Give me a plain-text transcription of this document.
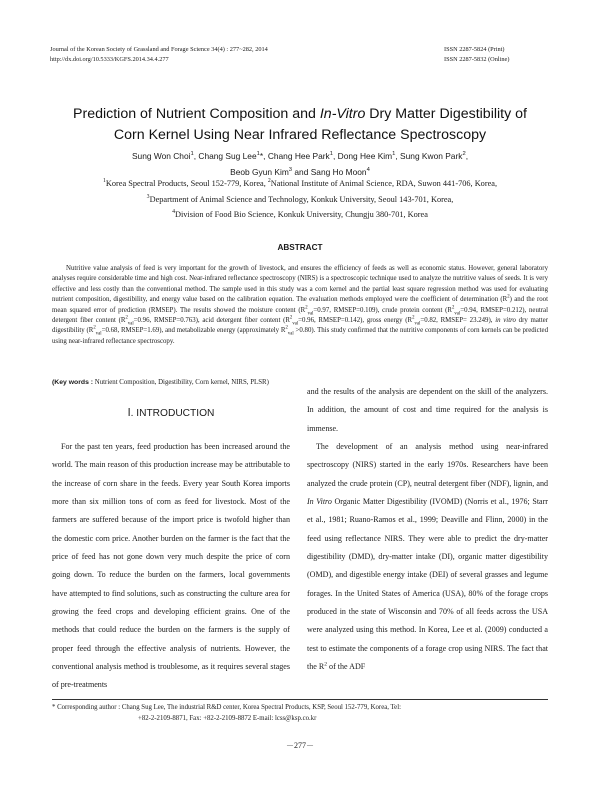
Journal of the Korean Society of Grassland and Forage Science 34(4) : 277~282, 2014
http://dx.doi.org/10.5333/KGFS.2014.34.4.277
ISSN 2287-5824 (Print)
ISSN 2287-5832 (Online)
Prediction of Nutrient Composition and In-Vitro Dry Matter Digestibility of
Corn Kernel Using Near Infrared Reflectance Spectroscopy
Sung Won Choi$^1$, Chang Sug Lee$^1$*, Chang Hee Park$^1$, Dong Hee Kim$^1$, Sung Kwon Park$^2$,
Beob Gyun Kim$^3$ and Sang Ho Moon$^4$
$^1$Korea Spectral Products, Seoul 152-779, Korea, $^2$National Institute of Animal Science, RDA, Suwon 441-706, Korea,
$^3$Department of Animal Science and Technology, Konkuk University, Seoul 143-701, Korea,
$^4$Division of Food Bio Science, Konkuk University, Chungju 380-701, Korea
ABSTRACT

Nutritive value analysis of feed is very important for the growth of livestock, and ensures the efficiency of feeds as well as economic status. However, general laboratory analyses require considerable time and high cost. Near-infrared reflectance spectroscopy (NIRS) is a spectroscopic technique used to analyze the nutritive values of seeds. It is very effective and less costly than the conventional method. The sample used in this study was a corn kernel and the partial least square regression method was used for evaluating nutrient composition, digestibility, and energy value based on the calibration equation. The evaluation methods employed were the coefficient of determination $(R^2)$ and the root mean squared error of prediction (RMSEP). The results showed the moisture content ($R^2_{val}=0.97$, RMSEP=0.109), crude protein content ($R^2_{val}=0.94$, RMSEP=0.212), neutral detergent fiber content ($R^2_{val}=0.96$, RMSEP=0.763), acid detergent fiber content ($R^2_{val}=0.96$, RMSEP=0.142), gross energy ($R^2_{val}=0.82$, RMSEP= 23.249), in vitro dry matter digestibility ($R^2_{val}=0.68$, RMSEP=1.69), and metabolizable energy (approximately $R^2_{val} >0.80$). This study confirmed that the nutritive components of corn kernels can be predicted using near-infrared reflectance spectroscopy.

(Key words : Nutrient Composition, Digestibility, Corn kernel, NIRS, PLSR)

Ⅰ. INTRODUCTION

For the past ten years, feed production has been increased around the world. The main reason of this production increase may be attributable to the increase of corn share in the feeds. Every year South Korea imports more than six million tons of corn as feed for livestock. Most of the farmers are suffered because of the import price is twofold higher than the domestic corn price. Another burden on the farmer is the fact that the price of feed has not gone down very much despite the price of corn going down. To reduce the burden on the farmers, local governments have attempted to find solutions, such as constructing the culture area for growing the feed crops and developing efficient grains. One of the methods that could reduce the burden on the farmers is the supply of proper feed through the effective analysis of nutrients. However, the conventional analysis method is troublesome, as it requires several stages of pre-treatments

and the results of the analysis are dependent on the skill of the analyzers. In addition, the amount of cost and time required for the analysis is immense.

The development of an analysis method using near-infrared spectroscopy (NIRS) started in the early 1970s. Researchers have been analyzed the crude protein (CP), neutral detergent fiber (NDF), lignin, and In Vitro Organic Matter Digestibility (IVOMD) (Norris et al., 1976; Starr et al., 1981; Ruano-Ramos et al., 1999; Deaville and Flinn, 2000) in the feed using reflectance NIRS. They were able to predict the dry-matter digestibility (DMD), dry-matter intake (DI), organic matter digestibility (OMD), and digestible energy intake (DEI) of several grasses and legume forages. In the United States of America (USA), 80% of the forage crops produced in the state of Wisconsin and 70% of all feeds across the USA were analyzed using this method. In Korea, Lee et al. (2009) conducted a test to estimate the components of a forage crop using NIRS. The fact that the $R^2$ of the ADF

* Corresponding author : Chang Sug Lee, The industrial R&D center, Korea Spectral Products, KSP, Seoul 152-779, Korea, Tel:
+82-2-2109-8871, Fax: +82-2-2109-8872 E-mail: lcss@ksp.co.kr

－277－
